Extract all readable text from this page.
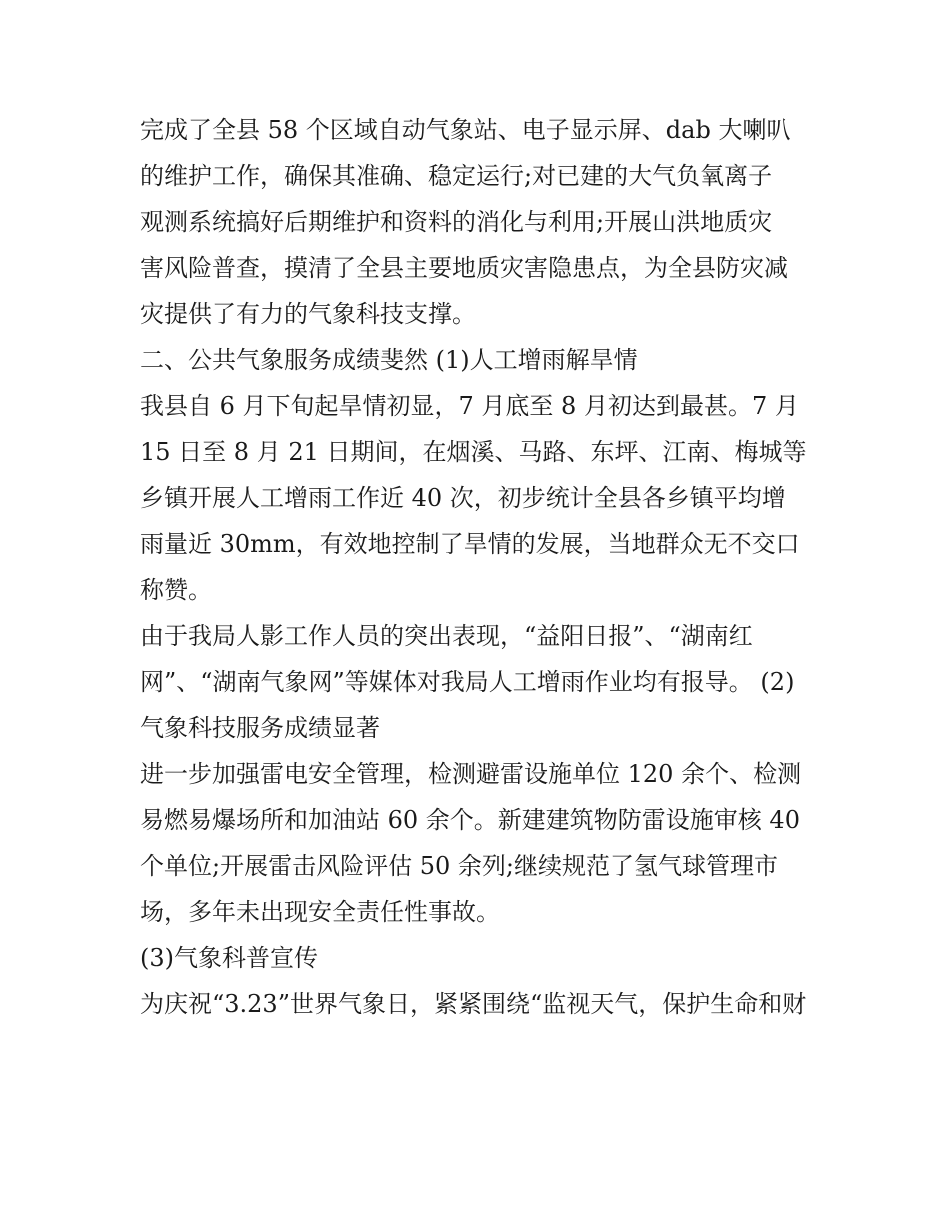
完成了全县 58 个区域自动气象站、电子显示屏、dab 大喇叭
的维护工作，确保其准确、稳定运行;对已建的大气负氧离子
观测系统搞好后期维护和资料的消化与利用;开展山洪地质灾
害风险普查，摸清了全县主要地质灾害隐患点，为全县防灾减
灾提供了有力的气象科技支撑。
二、公共气象服务成绩斐然 (1)人工增雨解旱情
我县自 6 月下旬起旱情初显，7 月底至 8 月初达到最甚。7 月
15 日至 8 月 21 日期间，在烟溪、马路、东坪、江南、梅城等
乡镇开展人工增雨工作近 40 次，初步统计全县各乡镇平均增
雨量近 30mm，有效地控制了旱情的发展，当地群众无不交口
称赞。
由于我局人影工作人员的突出表现，“益阳日报”、“湖南红
网”、“湖南气象网”等媒体对我局人工增雨作业均有报导。 (2)
气象科技服务成绩显著
进一步加强雷电安全管理，检测避雷设施单位 120 余个、检测
易燃易爆场所和加油站 60 余个。新建建筑物防雷设施审核 40
个单位;开展雷击风险评估 50 余列;继续规范了氢气球管理市
场，多年未出现安全责任性事故。
(3)气象科普宣传
为庆祝“3.23”世界气象日，紧紧围绕“监视天气，保护生命和财
